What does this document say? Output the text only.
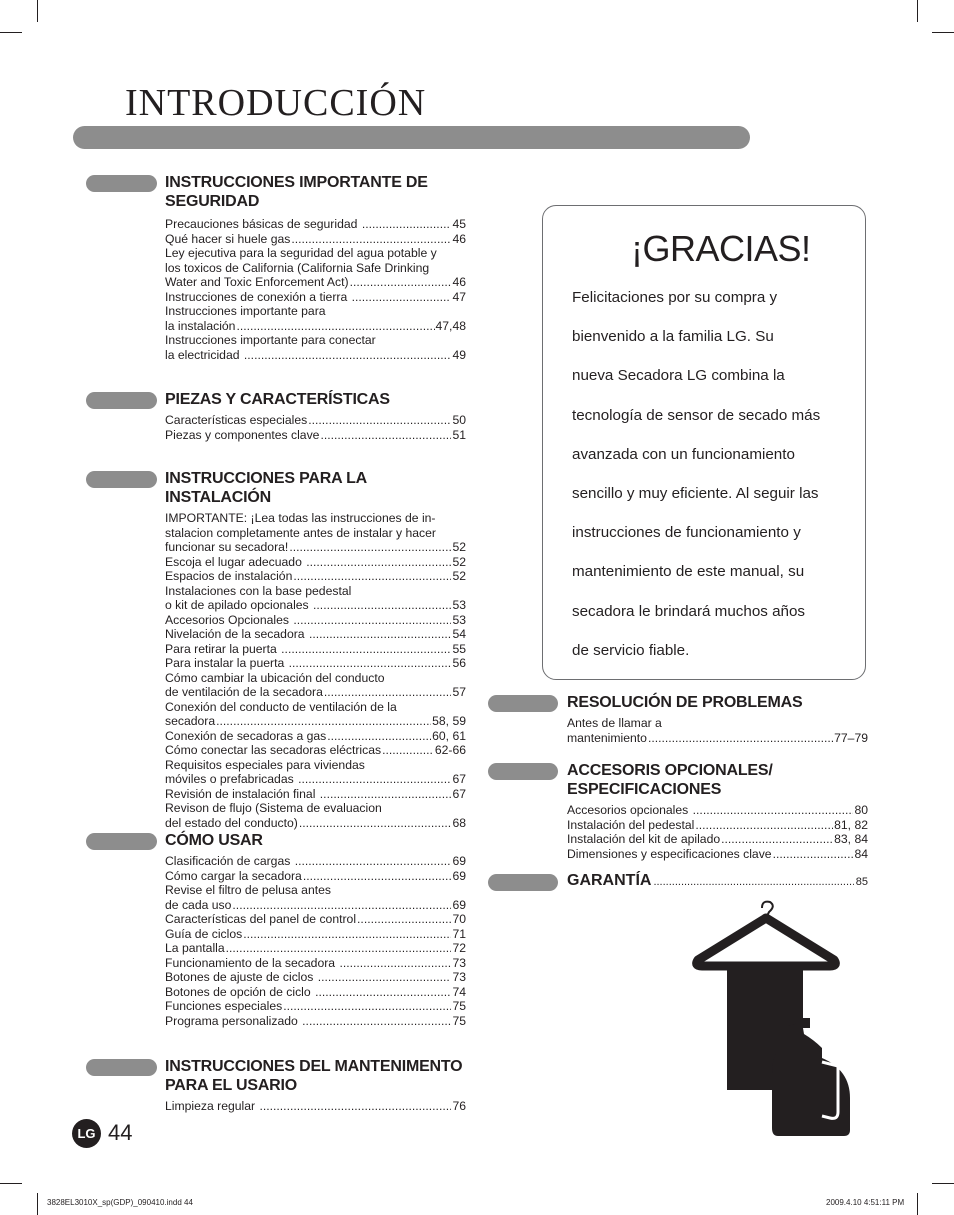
INTRODUCCIÓN
INSTRUCCIONES IMPORTANTE DE
SEGURIDAD
Precauciones básicas de seguridad .....	45
Qué hacer si huele gas .....	46
Ley ejecutiva para la seguridad del agua potable y
los toxicos de California (California Safe Drinking
Water and Toxic Enforcement Act) .....	46
Instrucciones de conexión a tierra .....	47
Instrucciones importante para
la instalación .....	47,48
Instrucciones importante para conectar
la electricidad .....	49
PIEZAS Y CARACTERÍSTICAS
Características especiales .....	50
Piezas y componentes clave .....	51
INSTRUCCIONES PARA LA INSTALACIÓN
IMPORTANTE: ¡Lea todas las instrucciones de in-
stalacion completamente antes de instalar y hacer
funcionar su secadora! .....	52
Escoja el lugar adecuado .....	52
Espacios de instalación .....	52
Instalaciones con la base pedestal
o kit de apilado opcionales .....	53
Accesorios Opcionales .....	53
Nivelación de la secadora .....	54
Para retirar la puerta .....	55
Para instalar la puerta .....	56
Cómo cambiar la ubicación del conducto
de ventilación de la secadora .....	57
Conexión del conducto de ventilación de la
secadora .....	58, 59
Conexión de secadoras a gas .....	60, 61
Cómo conectar las secadoras eléctricas .....	62-66
Requisitos especiales para viviendas
móviles o prefabricadas .....	67
Revisión de instalación final .....	67
Revison de flujo (Sistema de evaluacion
del estado del conducto) .....	68
CÓMO USAR
Clasificación de cargas .....	69
Cómo cargar la secadora .....	69
Revise el filtro de pelusa antes
de cada uso .....	69
Características del panel de control .....	70
Guía de ciclos .....	71
La pantalla .....	72
Funcionamiento de la secadora .....	73
Botones de ajuste de ciclos .....	73
Botones de opción de ciclo .....	74
Funciones especiales .....	75
Programa personalizado .....	75
INSTRUCCIONES DEL MANTENIMENTO
PARA EL USARIO
Limpieza regular .....	76
RESOLUCIÓN DE PROBLEMAS
Antes de llamar a
mantenimiento .....	77–79
ACCESORIS OPCIONALES/
ESPECIFICACIONES
Accesorios opcionales .....	80
Instalación del pedestal .....	81, 82
Instalación del kit de apilado .....	83, 84
Dimensiones y especificaciones clave .....	84
GARANTÍA .....	85
¡GRACIAS!
Felicitaciones por su compra y
bienvenido a la familia LG. Su
nueva Secadora LG combina la
tecnología de sensor de secado más
avanzada con un funcionamiento
sencillo y muy eficiente. Al seguir las
instrucciones de funcionamiento y
mantenimiento de este manual, su
secadora le brindará muchos años
de servicio fiable.
LG 44
3828EL3010X_sp(GDP)_090410.indd 44	2009.4.10 4:51:11 PM
